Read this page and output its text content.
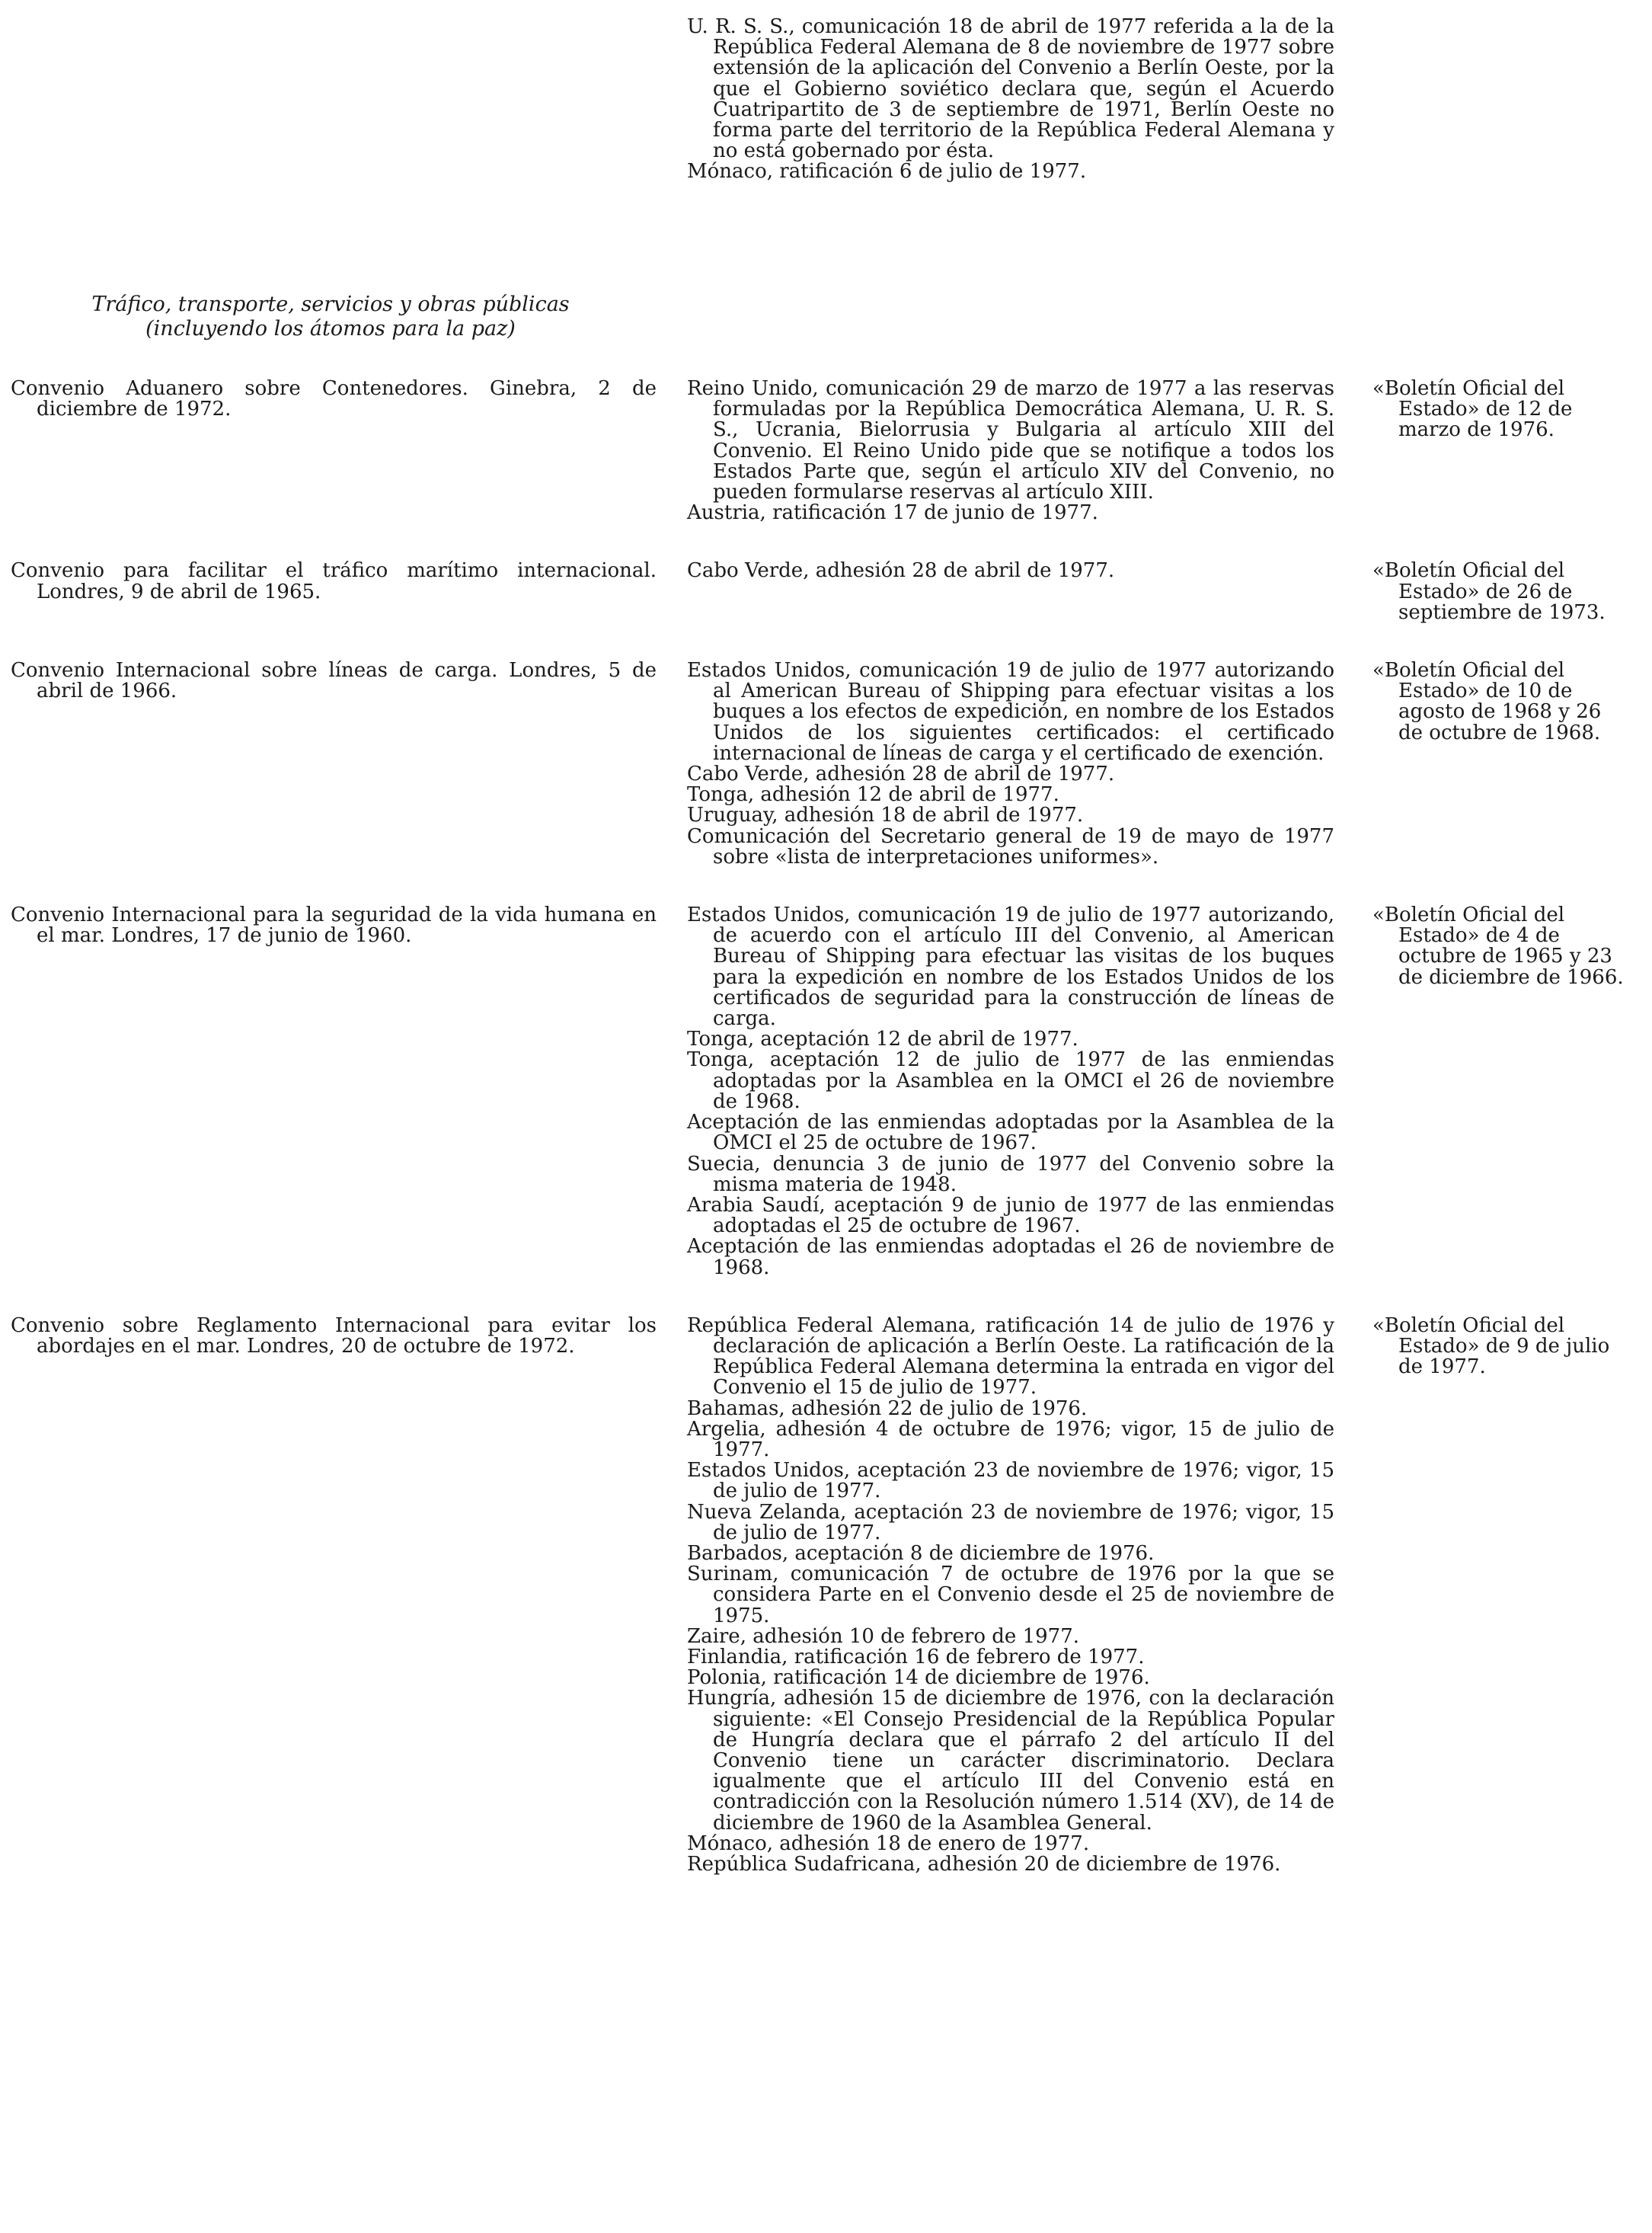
U. R. S. S., comunicación 18 de abril de 1977 referida a la de la República Federal Alemana de 8 de noviembre de 1977 sobre extensión de la aplicación del Convenio a Berlín Oeste, por la que el Gobierno soviético declara que, según el Acuerdo Cuatripartito de 3 de septiembre de 1971, Berlín Oeste no forma parte del territorio de la República Federal Alemana y no está gobernado por ésta.
Mónaco, ratificación 6 de julio de 1977.
Tráfico, transporte, servicios y obras públicas
(incluyendo los átomos para la paz)
Convenio Aduanero sobre Contenedores. Ginebra, 2 de diciembre de 1972.
Reino Unido, comunicación 29 de marzo de 1977 a las reservas formuladas por la República Democrática Alemana, U. R. S. S., Ucrania, Bielorrusia y Bulgaria al artículo XIII del Convenio. El Reino Unido pide que se notifique a todos los Estados Parte que, según el artículo XIV del Convenio, no pueden formularse reservas al artículo XIII.
Austria, ratificación 17 de junio de 1977.
«Boletín Oficial del Estado» de 12 de marzo de 1976.
Convenio para facilitar el tráfico marítimo internacional. Londres, 9 de abril de 1965.
Cabo Verde, adhesión 28 de abril de 1977.	«Boletín Oficial del Estado» de 26 de septiembre de 1973.
Convenio Internacional sobre líneas de carga. Londres, 5 de abril de 1966.
Estados Unidos, comunicación 19 de julio de 1977 autorizando al American Bureau of Shipping para efectuar visitas a los buques a los efectos de expedición, en nombre de los Estados Unidos de los siguientes certificados: el certificado internacional de líneas de carga y el certificado de exención.
Cabo Verde, adhesión 28 de abril de 1977.
Tonga, adhesión 12 de abril de 1977.
Uruguay, adhesión 18 de abril de 1977.
Comunicación del Secretario general de 19 de mayo de 1977 sobre «lista de interpretaciones uniformes».
«Boletín Oficial del Estado» de 10 de agosto de 1968 y 26 de octubre de 1968.
Convenio Internacional para la seguridad de la vida humana en el mar. Londres, 17 de junio de 1960.
Estados Unidos, comunicación 19 de julio de 1977 autorizando, de acuerdo con el artículo III del Convenio, al American Bureau of Shipping para efectuar las visitas de los buques para la expedición en nombre de los Estados Unidos de los certificados de seguridad para la construcción de líneas de carga.
Tonga, aceptación 12 de abril de 1977.
Tonga, aceptación 12 de julio de 1977 de las enmiendas adoptadas por la Asamblea en la OMCI el 26 de noviembre de 1968.
Aceptación de las enmiendas adoptadas por la Asamblea de la OMCI el 25 de octubre de 1967.
Suecia, denuncia 3 de junio de 1977 del Convenio sobre la misma materia de 1948.
Arabia Saudí, aceptación 9 de junio de 1977 de las enmiendas adoptadas el 25 de octubre de 1967.
Aceptación de las enmiendas adoptadas el 26 de noviembre de 1968.
«Boletín Oficial del Estado» de 4 de octubre de 1965 y 23 de diciembre de 1966.
Convenio sobre Reglamento Internacional para evitar los abordajes en el mar. Londres, 20 de octubre de 1972.
República Federal Alemana, ratificación 14 de julio de 1976 y declaración de aplicación a Berlín Oeste. La ratificación de la República Federal Alemana determina la entrada en vigor del Convenio el 15 de julio de 1977.
Bahamas, adhesión 22 de julio de 1976.
Argelia, adhesión 4 de octubre de 1976; vigor, 15 de julio de 1977.
Estados Unidos, aceptación 23 de noviembre de 1976; vigor, 15 de julio de 1977.
Nueva Zelanda, aceptación 23 de noviembre de 1976; vigor, 15 de julio de 1977.
Barbados, aceptación 8 de diciembre de 1976.
Surinam, comunicación 7 de octubre de 1976 por la que se considera Parte en el Convenio desde el 25 de noviembre de 1975.
Zaire, adhesión 10 de febrero de 1977.
Finlandia, ratificación 16 de febrero de 1977.
Polonia, ratificación 14 de diciembre de 1976.
Hungría, adhesión 15 de diciembre de 1976, con la declaración siguiente: «El Consejo Presidencial de la República Popular de Hungría declara que el párrafo 2 del artículo II del Convenio tiene un carácter discriminatorio. Declara igualmente que el artículo III del Convenio está en contradicción con la Resolución número 1.514 (XV), de 14 de diciembre de 1960 de la Asamblea General.
Mónaco, adhesión 18 de enero de 1977.
República Sudafricana, adhesión 20 de diciembre de 1976.
«Boletín Oficial del Estado» de 9 de julio de 1977.
